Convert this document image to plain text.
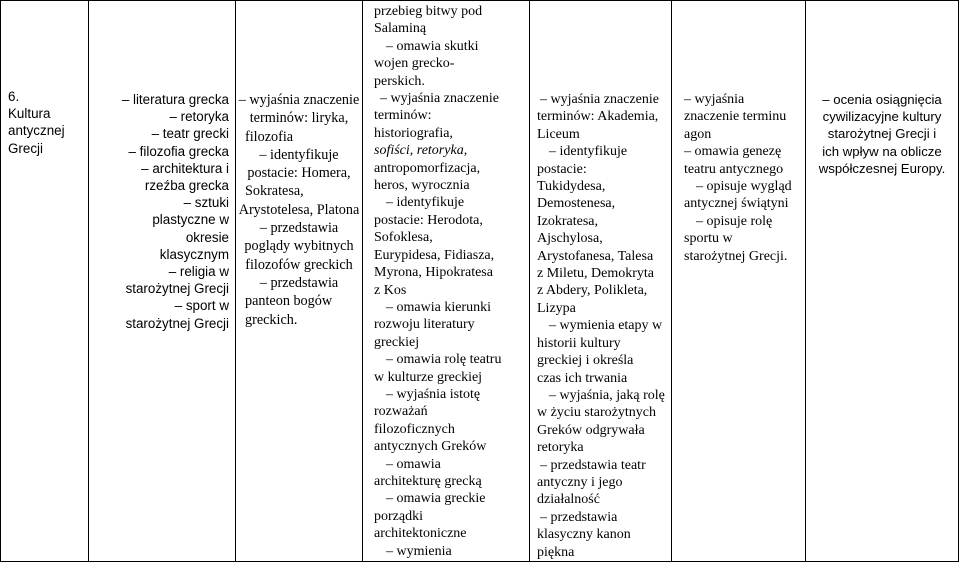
6.
Kultura
antycznej
Grecji
– literatura grecka
– retoryka
– teatr grecki
– filozofia grecka
– architektura i
rzeźba grecka
– sztuki
plastyczne w
okresie
klasycznym
– religia w
starożytnej Grecji
– sport w
starożytnej Grecji
– wyjaśnia znaczenie
terminów: liryka,
filozofia
– identyfikuje
postacie: Homera,
Sokratesa,
Arystotelesa, Platona
– przedstawia
poglądy wybitnych
filozofów greckich
– przedstawia
panteon bogów
greckich.
przebieg bitwy pod
Salaminą
– omawia skutki
wojen grecko-
perskich.
– wyjaśnia znaczenie
terminów:
historiografia,
sofiści, retoryka,
antropomorfizacja,
heros, wyrocznia
– identyfikuje
postacie: Herodota,
Sofoklesa,
Eurypidesa, Fidiasza,
Myrona, Hipokratesa
z Kos
– omawia kierunki
rozwoju literatury
greckiej
– omawia rolę teatru
w kulturze greckiej
– wyjaśnia istotę
rozważań
filozoficznych
antycznych Greków
– omawia
architekturę grecką
– omawia greckie
porządki
architektoniczne
– wymienia
– wyjaśnia znaczenie
terminów: Akademia,
Liceum
– identyfikuje
postacie:
Tukidydesa,
Demostenesa,
Izokratesa,
Ajschylosa,
Arystofanesa, Talesa
z Miletu, Demokryta
z Abdery, Polikleta,
Lizypa
– wymienia etapy w
historii kultury
greckiej i określa
czas ich trwania
– wyjaśnia, jaką rolę
w życiu starożytnych
Greków odgrywała
retoryka
– przedstawia teatr
antyczny i jego
działalność
– przedstawia
klasyczny kanon
piękna
– wyjaśnia
znaczenie terminu
agon
– omawia genezę
teatru antycznego
– opisuje wygląd
antycznej świątyni
– opisuje rolę
sportu w
starożytnej Grecji.
– ocenia osiągnięcia
cywilizacyjne kultury
starożytnej Grecji i
ich wpływ na oblicze
współczesnej Europy.
